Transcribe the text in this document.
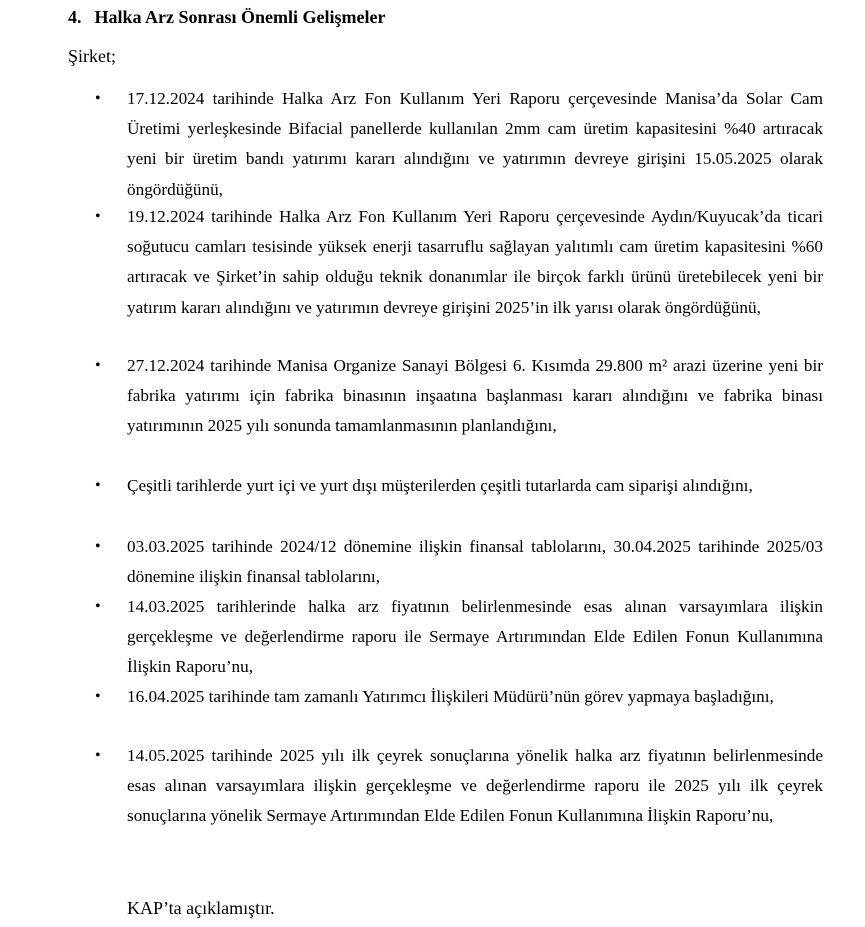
4. Halka Arz Sonrası Önemli Gelişmeler
Şirket;
• 17.12.2024 tarihinde Halka Arz Fon Kullanım Yeri Raporu çerçevesinde Manisa’da Solar Cam Üretimi yerleşkesinde Bifacial panellerde kullanılan 2mm cam üretim kapasitesini %40 artıracak yeni bir üretim bandı yatırımı kararı alındığını ve yatırımın devreye girişini 15.05.2025 olarak öngördüğünü,
• 19.12.2024 tarihinde Halka Arz Fon Kullanım Yeri Raporu çerçevesinde Aydın/Kuyucak’da ticari soğutucu camları tesisinde yüksek enerji tasarruflu sağlayan yalıtımlı cam üretim kapasitesini %60 artıracak ve Şirket’in sahip olduğu teknik donanımlar ile birçok farklı ürünü üretebilecek yeni bir yatırım kararı alındığını ve yatırımın devreye girişini 2025’in ilk yarısı olarak öngördüğünü,
• 27.12.2024 tarihinde Manisa Organize Sanayi Bölgesi 6. Kısımda 29.800 m² arazi üzerine yeni bir fabrika yatırımı için fabrika binasının inşaatına başlanması kararı alındığını ve fabrika binası yatırımının 2025 yılı sonunda tamamlanmasının planlandığını,
• Çeşitli tarihlerde yurt içi ve yurt dışı müşterilerden çeşitli tutarlarda cam siparişi alındığını,
• 03.03.2025 tarihinde 2024/12 dönemine ilişkin finansal tablolarını, 30.04.2025 tarihinde 2025/03 dönemine ilişkin finansal tablolarını,
• 14.03.2025 tarihlerinde halka arz fiyatının belirlenmesinde esas alınan varsayımlara ilişkin gerçekleşme ve değerlendirme raporu ile Sermaye Artırımından Elde Edilen Fonun Kullanımına İlişkin Raporu’nu,
• 16.04.2025 tarihinde tam zamanlı Yatırımcı İlişkileri Müdürü’nün görev yapmaya başladığını,
• 14.05.2025 tarihinde 2025 yılı ilk çeyrek sonuçlarına yönelik halka arz fiyatının belirlenmesinde esas alınan varsayımlara ilişkin gerçekleşme ve değerlendirme raporu ile 2025 yılı ilk çeyrek sonuçlarına yönelik Sermaye Artırımından Elde Edilen Fonun Kullanımına İlişkin Raporu’nu,
KAP’ta açıklamıştır.
